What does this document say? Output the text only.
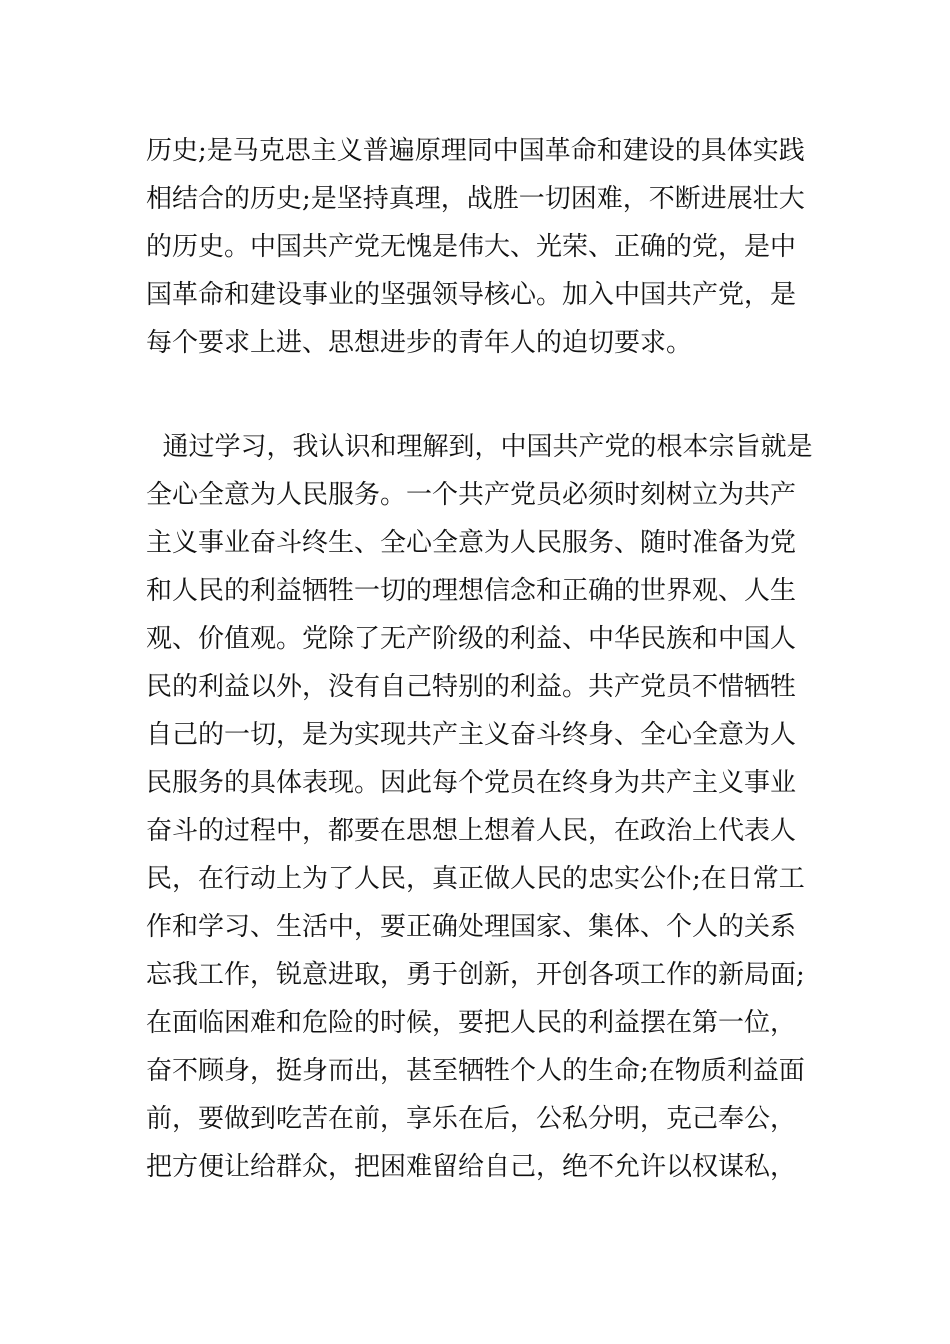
历史;是马克思主义普遍原理同中国革命和建设的具体实践
相结合的历史;是坚持真理，战胜一切困难，不断进展壮大
的历史。中国共产党无愧是伟大、光荣、正确的党，是中
国革命和建设事业的坚强领导核心。加入中国共产党，是
每个要求上进、思想进步的青年人的迫切要求。
通过学习，我认识和理解到，中国共产党的根本宗旨就是
全心全意为人民服务。一个共产党员必须时刻树立为共产
主义事业奋斗终生、全心全意为人民服务、随时准备为党
和人民的利益牺牲一切的理想信念和正确的世界观、人生
观、价值观。党除了无产阶级的利益、中华民族和中国人
民的利益以外，没有自己特别的利益。共产党员不惜牺牲
自己的一切，是为实现共产主义奋斗终身、全心全意为人
民服务的具体表现。因此每个党员在终身为共产主义事业
奋斗的过程中，都要在思想上想着人民，在政治上代表人
民，在行动上为了人民，真正做人民的忠实公仆;在日常工
作和学习、生活中，要正确处理国家、集体、个人的关系
忘我工作，锐意进取，勇于创新，开创各项工作的新局面;
在面临困难和危险的时候，要把人民的利益摆在第一位，
奋不顾身，挺身而出，甚至牺牲个人的生命;在物质利益面
前，要做到吃苦在前，享乐在后，公私分明，克己奉公，
把方便让给群众，把困难留给自己，绝不允许以权谋私，
